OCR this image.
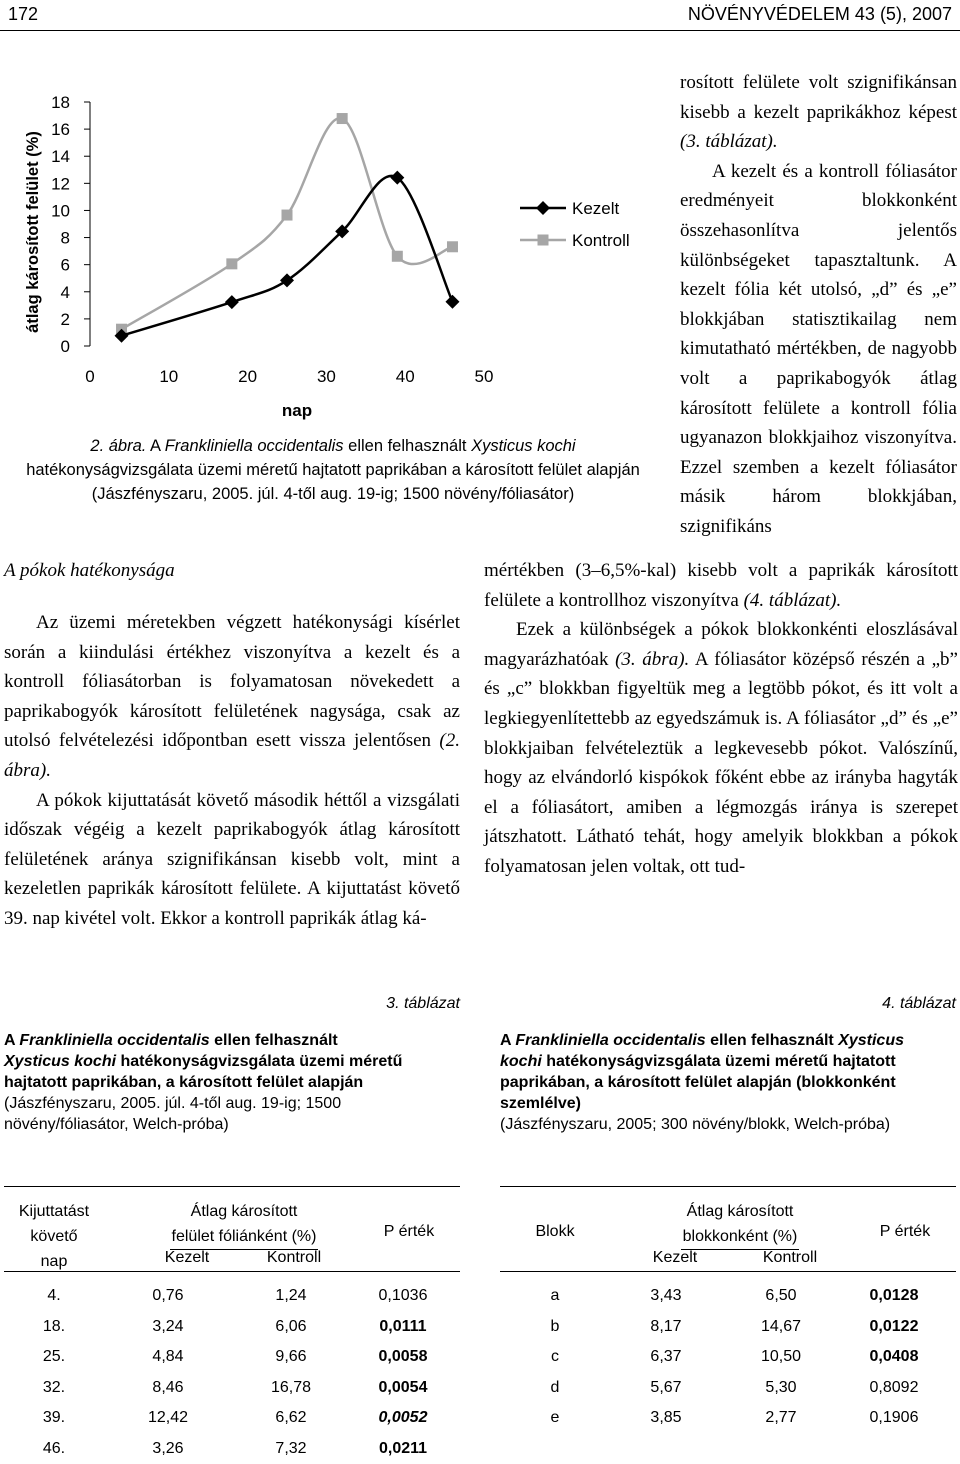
172	NÖVÉNYVÉDELEM 43 (5), 2007
0
2
4
6
8
10
12
14
16
18
0	10	20	30	40	50
nap
átlag károsított felület (%)	Kezelt
Kontroll
2. ábra. A Frankliniella occidentalis ellen felhasznált Xysticus kochi
hatékonyságvizsgálata üzemi méretű hajtatott paprikában a károsított felület alapján
(Jászfényszaru, 2005. júl. 4-től aug. 19-ig; 1500 növény/fóliasátor)

rosított felülete volt szignifikánsan kisebb a kezelt paprikákhoz képest (3. táblázat).

A kezelt és a kontroll fóliasátor eredményeit blokkonként összehasonlítva jelentős különbségeket tapasztaltunk. A kezelt fólia két utolsó, „d” és „e” blokkjában statisztikailag nem kimutatható mértékben, de nagyobb volt a paprikabogyók átlag károsított felülete a kontroll fólia ugyanazon blokkjaihoz viszonyítva. Ezzel szemben a kezelt fóliasátor másik három blokkjában, szignifikáns

mértékben (3–6,5%-kal) kisebb volt a paprikák károsított felülete a kontrollhoz viszonyítva (4. táblázat).

Ezek a különbségek a pókok blokkonkénti eloszlásával magyarázhatóak (3. ábra). A fóliasátor középső részén a „b” és „c” blokkban figyeltük meg a legtöbb pókot, és itt volt a legkiegyenlítettebb az egyedszámuk is. A fóliasátor „d” és „e” blokkjaiban felvételeztük a legkevesebb pókot. Valószínű, hogy az elvándorló kispókok főként ebbe az irányba hagyták el a fóliasátort, amiben a légmozgás iránya is szerepet játszhatott. Látható tehát, hogy amelyik blokkban a pókok folyamatosan jelen voltak, ott tud-

A pókok hatékonysága

Az üzemi méretekben végzett hatékonysági kísérlet során a kiindulási értékhez viszonyítva a kezelt és a kontroll fóliasátorban is folyamatosan növekedett a paprikabogyók károsított felületének nagysága, csak az utolsó felvételezési időpontban esett vissza jelentősen (2. ábra).

A pókok kijuttatását követő második héttől a vizsgálati időszak végéig a kezelt paprikabogyók átlag károsított felületének aránya szignifikánsan kisebb volt, mint a kezeletlen paprikák károsított felülete. A kijuttatást követő 39. nap kivétel volt. Ekkor a kontroll paprikák átlag ká-

3. táblázat
A Frankliniella occidentalis ellen felhasznált
Xysticus kochi hatékonyságvizsgálata üzemi méretű hajtatott paprikában, a károsított felület alapján
(Jászfényszaru, 2005. júl. 4-től aug. 19-ig; 1500 növény/fóliasátor, Welch-próba)
Kijuttatást
követő
nap
Átlag károsított
felület fóliánként (%)
Kezelt	Kontroll
P érték
4.	0,76	1,24	0,1036
18.	3,24	6,06	0,0111
25.	4,84	9,66	0,0058
32.	8,46	16,78	0,0054
39.	12,42	6,62	0,0052
46.	3,26	7,32	0,0211
4. táblázat
A Frankliniella occidentalis ellen felhasznált Xysticus kochi hatékonyságvizsgálata üzemi méretű hajtatott paprikában, a károsított felület alapján (blokkonként szemlélve)
(Jászfényszaru, 2005; 300 növény/blokk, Welch-próba)
Blokk
Átlag károsított
blokkonként (%)
Kezelt	Kontroll
P érték
a	3,43	6,50	0,0128
b	8,17	14,67	0,0122
c	6,37	10,50	0,0408
d	5,67	5,30	0,8092
e	3,85	2,77	0,1906
